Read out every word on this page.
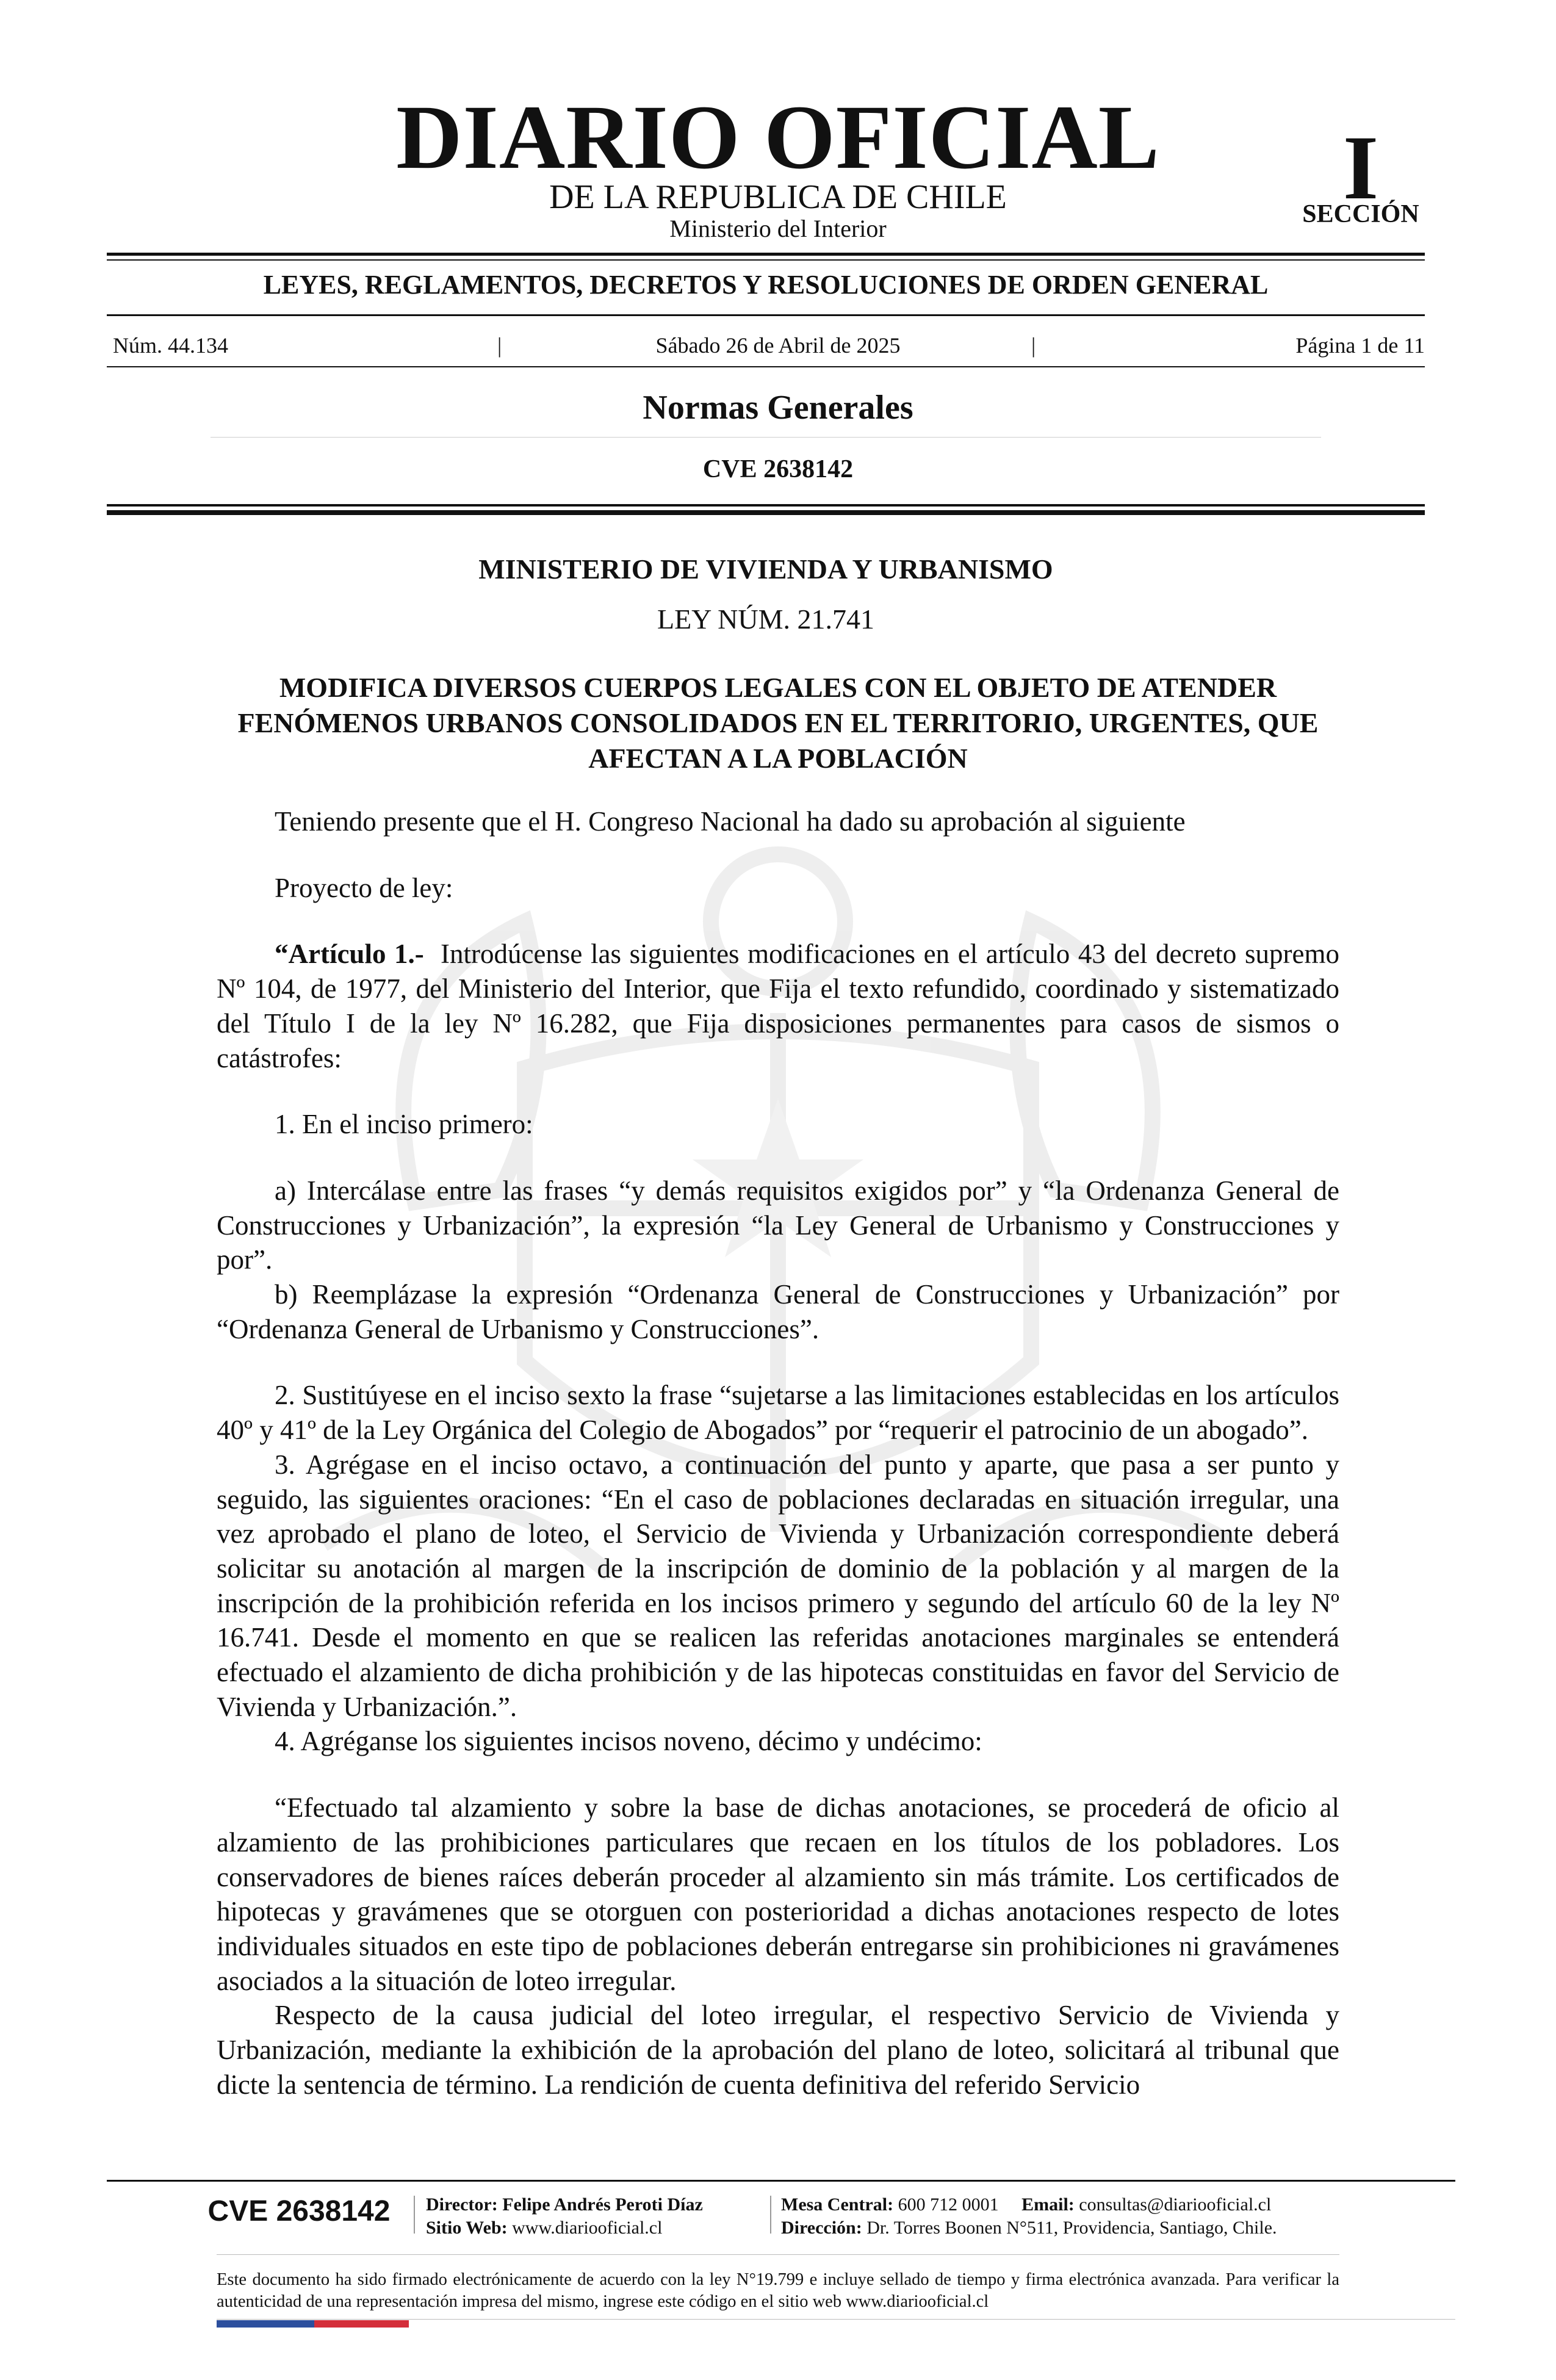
DIARIO OFICIAL
DE LA REPUBLICA DE CHILE
Ministerio del Interior
I
SECCIÓN
LEYES, REGLAMENTOS, DECRETOS Y RESOLUCIONES DE ORDEN GENERAL
Núm. 44.134	|	Sábado 26 de Abril de 2025	|	Página 1 de 11
Normas Generales
CVE 2638142
MINISTERIO DE VIVIENDA Y URBANISMO
LEY NÚM. 21.741
MODIFICA DIVERSOS CUERPOS LEGALES CON EL OBJETO DE ATENDER FENÓMENOS URBANOS CONSOLIDADOS EN EL TERRITORIO, URGENTES, QUE AFECTAN A LA POBLACIÓN

Teniendo presente que el H. Congreso Nacional ha dado su aprobación al siguiente

Proyecto de ley:

“Artículo 1.- Introdúcense las siguientes modificaciones en el artículo 43 del decreto supremo Nº 104, de 1977, del Ministerio del Interior, que Fija el texto refundido, coordinado y sistematizado del Título I de la ley Nº 16.282, que Fija disposiciones permanentes para casos de sismos o catástrofes:

1. En el inciso primero:

a) Intercálase entre las frases “y demás requisitos exigidos por” y “la Ordenanza General de Construcciones y Urbanización”, la expresión “la Ley General de Urbanismo y Construcciones y por”.

b) Reemplázase la expresión “Ordenanza General de Construcciones y Urbanización” por “Ordenanza General de Urbanismo y Construcciones”.

2. Sustitúyese en el inciso sexto la frase “sujetarse a las limitaciones establecidas en los artículos 40º y 41º de la Ley Orgánica del Colegio de Abogados” por “requerir el patrocinio de un abogado”.

3. Agrégase en el inciso octavo, a continuación del punto y aparte, que pasa a ser punto y seguido, las siguientes oraciones: “En el caso de poblaciones declaradas en situación irregular, una vez aprobado el plano de loteo, el Servicio de Vivienda y Urbanización correspondiente deberá solicitar su anotación al margen de la inscripción de dominio de la población y al margen de la inscripción de la prohibición referida en los incisos primero y segundo del artículo 60 de la ley Nº 16.741. Desde el momento en que se realicen las referidas anotaciones marginales se entenderá efectuado el alzamiento de dicha prohibición y de las hipotecas constituidas en favor del Servicio de Vivienda y Urbanización.”.

4. Agréganse los siguientes incisos noveno, décimo y undécimo:

“Efectuado tal alzamiento y sobre la base de dichas anotaciones, se procederá de oficio al alzamiento de las prohibiciones particulares que recaen en los títulos de los pobladores. Los conservadores de bienes raíces deberán proceder al alzamiento sin más trámite. Los certificados de hipotecas y gravámenes que se otorguen con posterioridad a dichas anotaciones respecto de lotes individuales situados en este tipo de poblaciones deberán entregarse sin prohibiciones ni gravámenes asociados a la situación de loteo irregular.

Respecto de la causa judicial del loteo irregular, el respectivo Servicio de Vivienda y Urbanización, mediante la exhibición de la aprobación del plano de loteo, solicitará al tribunal que dicte la sentencia de término. La rendición de cuenta definitiva del referido Servicio

CVE 2638142	Director: Felipe Andrés Peroti Díaz
Sitio Web: www.diariooficial.cl
Mesa Central: 600 712 0001 Email: consultas@diariooficial.cl
Dirección: Dr. Torres Boonen N°511, Providencia, Santiago, Chile.
Este documento ha sido firmado electrónicamente de acuerdo con la ley N°19.799 e incluye sellado de tiempo y firma electrónica avanzada. Para verificar la autenticidad de una representación impresa del mismo, ingrese este código en el sitio web www.diariooficial.cl
